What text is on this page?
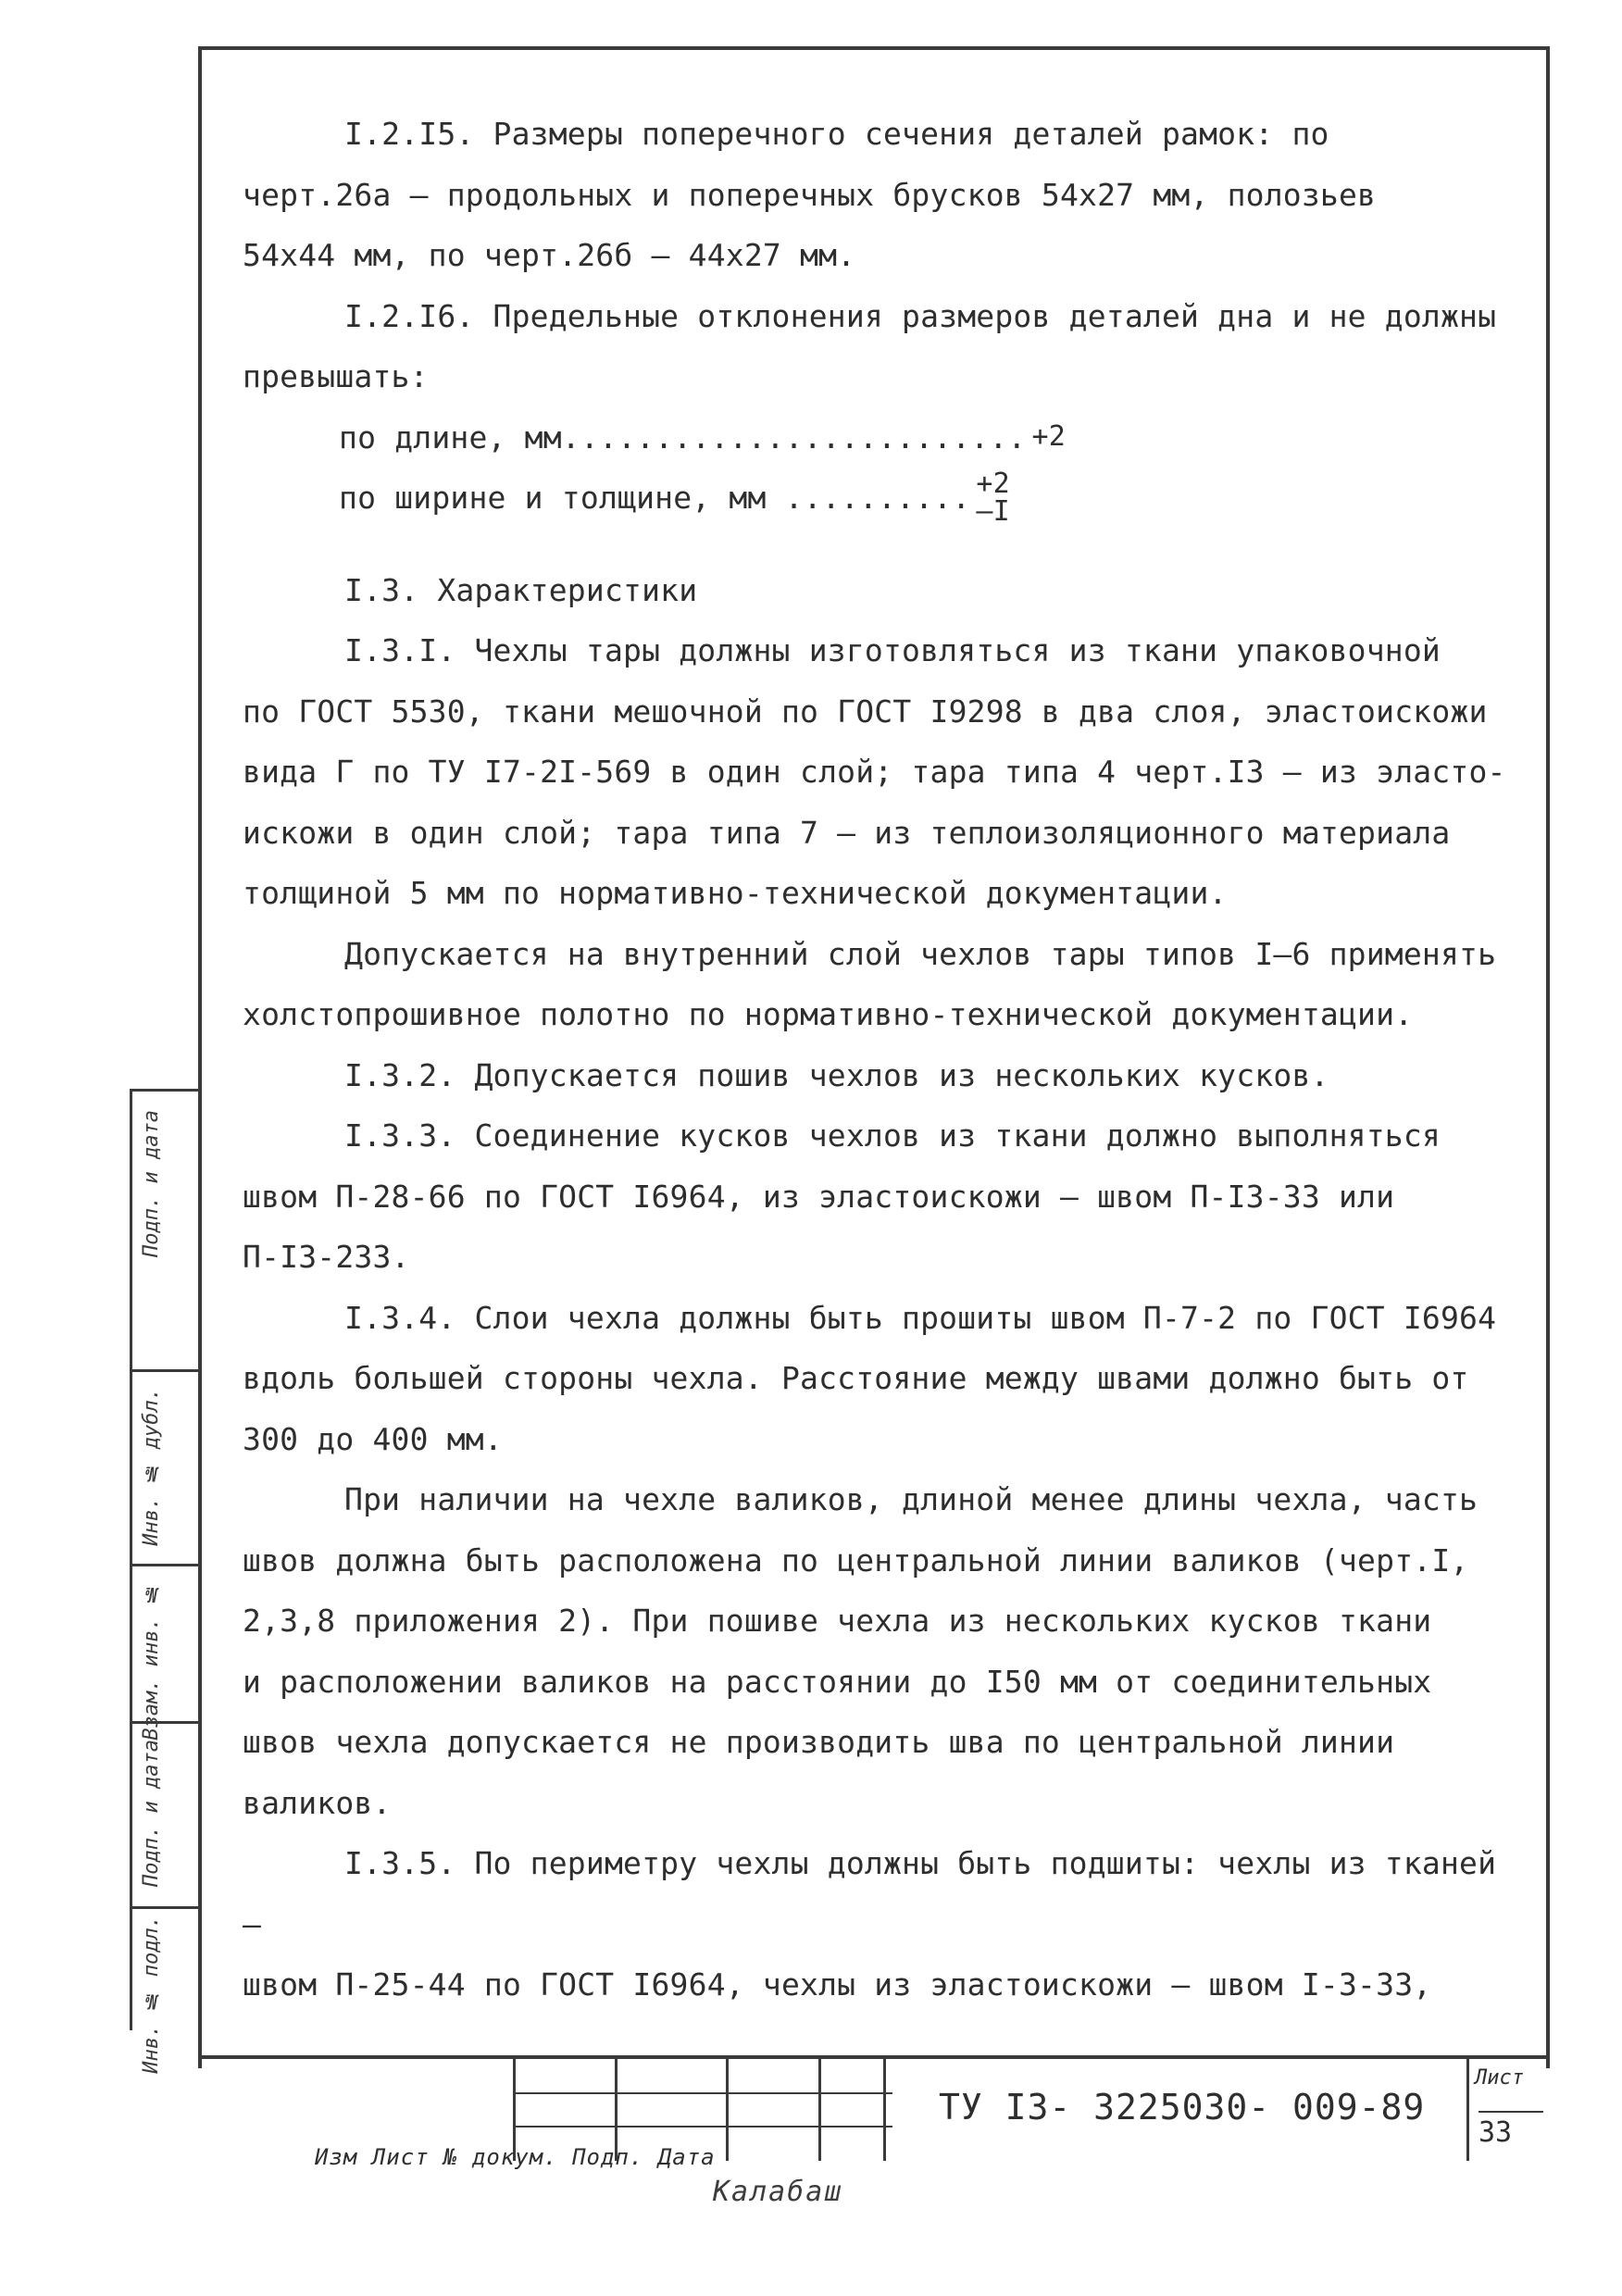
I.2.I5. Размеры поперечного сечения деталей рамок: по

черт.26а – продольных и поперечных брусков 54х27 мм, полозьев

54х44 мм, по черт.26б – 44х27 мм.

I.2.I6. Предельные отклонения размеров деталей дна и не должны

превышать:

по длине, мм......................... +2
по ширине и толщине, мм .......... +2
–I

I.3. Характеристики

I.3.I. Чехлы тары должны изготовляться из ткани упаковочной

по ГОСТ 5530, ткани мешочной по ГОСТ I9298 в два слоя, эластоискожи

вида Г по ТУ I7-2I-569 в один слой; тара типа 4 черт.I3 – из эласто-

искожи в один слой; тара типа 7 – из теплоизоляционного материала

толщиной 5 мм по нормативно-технической документации.

Допускается на внутренний слой чехлов тары типов I–6 применять

холстопрошивное полотно по нормативно-технической документации.

I.3.2. Допускается пошив чехлов из нескольких кусков.

I.3.3. Соединение кусков чехлов из ткани должно выполняться

швом П-28-66 по ГОСТ I6964, из эластоискожи – швом П-I3-33 или

П-I3-233.

I.3.4. Слои чехла должны быть прошиты швом П-7-2 по ГОСТ I6964

вдоль большей стороны чехла. Расстояние между швами должно быть от

300 до 400 мм.

При наличии на чехле валиков, длиной менее длины чехла, часть

швов должна быть расположена по центральной линии валиков (черт.I,

2,3,8 приложения 2). При пошиве чехла из нескольких кусков ткани

и расположении валиков на расстоянии до I50 мм от соединительных

швов чехла допускается не производить шва по центральной линии

валиков.

I.3.5. По периметру чехлы должны быть подшиты: чехлы из тканей –

швом П-25-44 по ГОСТ I6964, чехлы из эластоискожи – швом I-3-33,

Подп. и дата
Инв. № дубл.
Взам. инв. №
Подп. и дата
Инв. № подл.
ТУ I3- 3225030- 009-89
Лист
33
Изм Лист № докум. Подп. Дата
Калабаш
